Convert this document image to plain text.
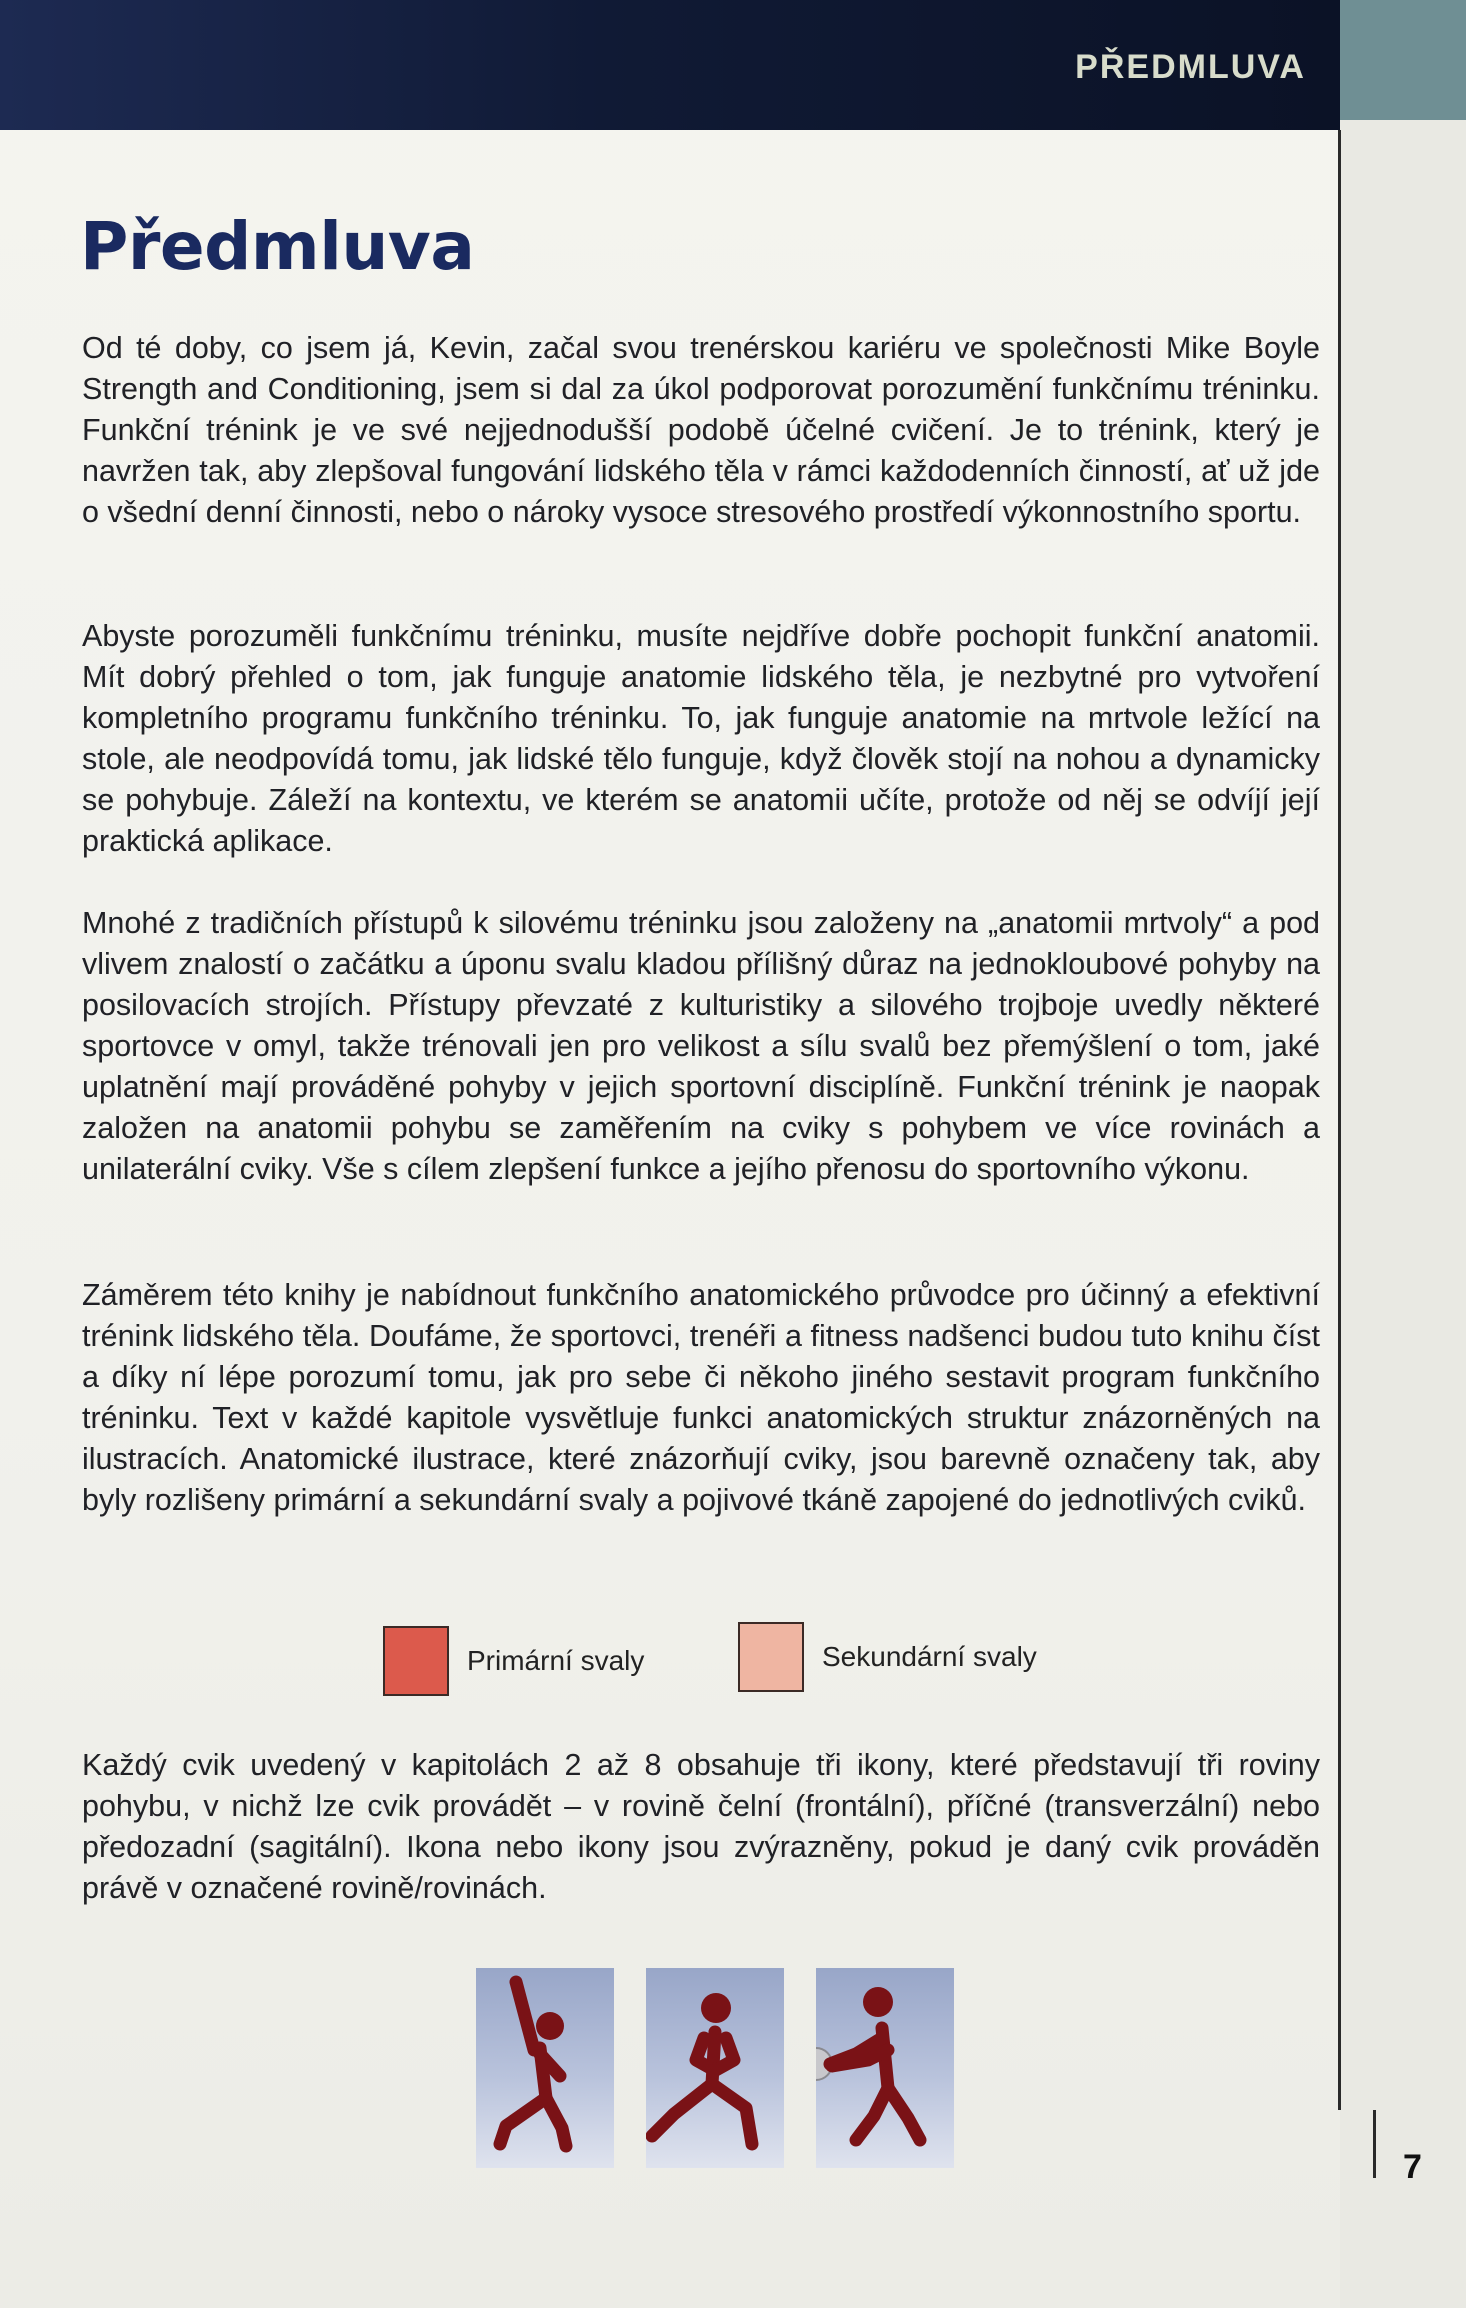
PŘEDMLUVA
Předmluva

Od té doby, co jsem já, Kevin, začal svou trenérskou kariéru ve společnosti Mike Boyle Strength and Conditioning, jsem si dal za úkol podporovat porozumění funkčnímu tréninku. Funkční trénink je ve své nejjednodušší podobě účelné cvičení. Je to trénink, který je navržen tak, aby zlepšoval fungování lidského těla v rámci každodenních činností, ať už jde o všední denní činnosti, nebo o nároky vysoce stresového prostředí výkonnostního sportu.

Abyste porozuměli funkčnímu tréninku, musíte nejdříve dobře pochopit funkční anatomii. Mít dobrý přehled o tom, jak funguje anatomie lidského těla, je nezbytné pro vytvoření kompletního programu funkčního tréninku. To, jak funguje anatomie na mrtvole ležící na stole, ale neodpovídá tomu, jak lidské tělo funguje, když člověk stojí na nohou a dynamicky se pohybuje. Záleží na kontextu, ve kterém se anatomii učíte, protože od něj se odvíjí její praktická aplikace.

Mnohé z tradičních přístupů k silovému tréninku jsou založeny na „anatomii mrtvoly“ a pod vlivem znalostí o začátku a úponu svalu kladou přílišný důraz na jednokloubové pohyby na posilovacích strojích. Přístupy převzaté z kulturistiky a silového trojboje uvedly některé sportovce v omyl, takže trénovali jen pro velikost a sílu svalů bez přemýšlení o tom, jaké uplatnění mají prováděné pohyby v jejich sportovní disciplíně. Funkční trénink je naopak založen na anatomii pohybu se zaměřením na cviky s pohybem ve více rovinách a unilaterální cviky. Vše s cílem zlepšení funkce a jejího přenosu do sportovního výkonu.

Záměrem této knihy je nabídnout funkčního anatomického průvodce pro účinný a efektivní trénink lidského těla. Doufáme, že sportovci, trenéři a fitness nadšenci budou tuto knihu číst a díky ní lépe porozumí tomu, jak pro sebe či někoho jiného sestavit program funkčního tréninku. Text v každé kapitole vysvětluje funkci anatomických struktur znázorněných na ilustracích. Anatomické ilustrace, které znázorňují cviky, jsou barevně označeny tak, aby byly rozlišeny primární a sekundární svaly a pojivové tkáně zapojené do jednotlivých cviků.

Primární svaly	Sekundární svaly

Každý cvik uvedený v kapitolách 2 až 8 obsahuje tři ikony, které představují tři roviny pohybu, v nichž lze cvik provádět – v rovině čelní (frontální), příčné (transverzální) nebo předozadní (sagitální). Ikona nebo ikony jsou zvýrazněny, pokud je daný cvik prováděn právě v označené rovině/rovinách.

7
